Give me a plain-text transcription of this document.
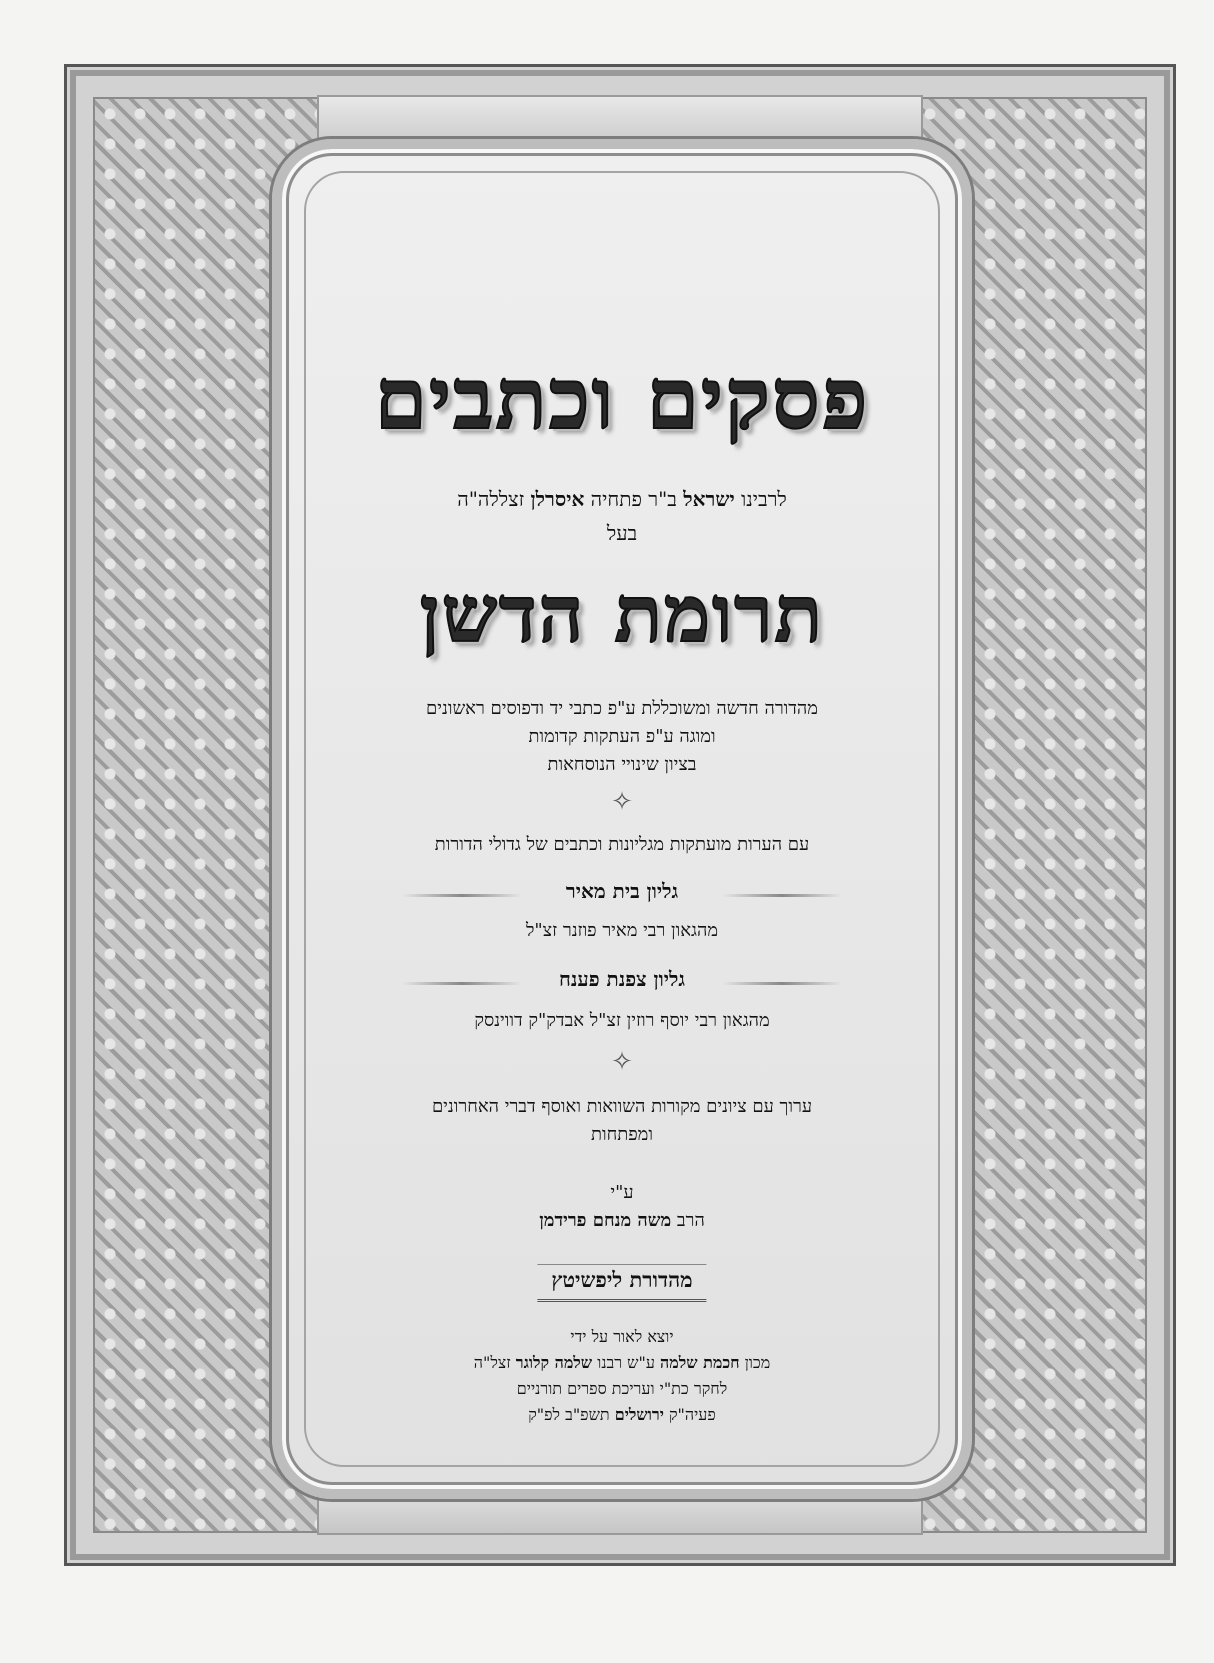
פסקים וכתבים
לרבינו ישראל ב"ר פתחיה איסרלן זצללה"ה
בעל
תרומת הדשן
מהדורה חדשה ומשוכללת ע"פ כתבי יד ודפוסים ראשונים
ומוגה ע"פ העתקות קדומות
בציון שינויי הנוסחאות
✧
עם הערות מועתקות מגליונות וכתבים של גדולי הדורות
גליון בית מאיר
מהגאון רבי מאיר פוזנר זצ"ל
גליון צפנת פענח
מהגאון רבי יוסף רוזין זצ"ל אבדק"ק דווינסק
✧
ערוך עם ציונים מקורות השוואות ואוסף דברי האחרונים
ומפתחות
ע"י
הרב משה מנחם פרידמן
מהדורת ליפשיטץ
יוצא לאור על ידי
מכון חכמת שלמה ע"ש רבנו שלמה קלוגר זצל"ה
לחקר כת"י ועריכת ספרים תורניים
פעיה"ק ירושלים תשפ"ב לפ"ק
